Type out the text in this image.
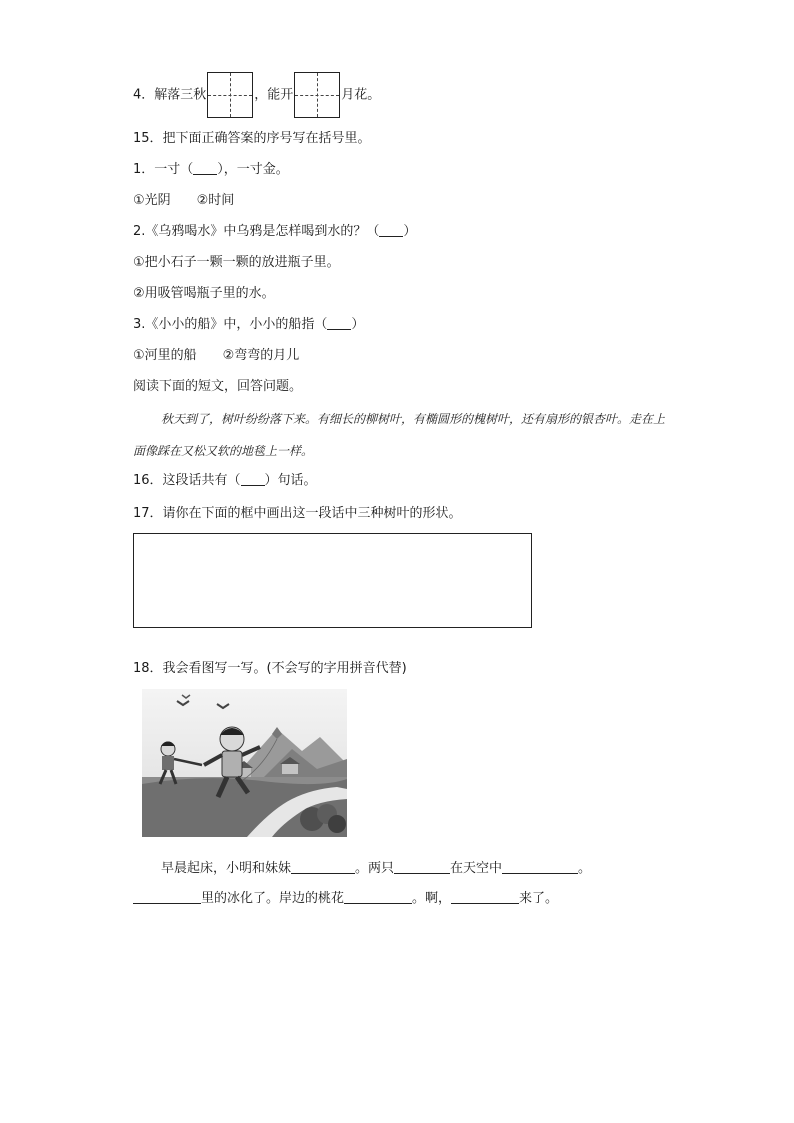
4．解落三秋	，能开	月花。
15．把下面正确答案的序号写在括号里。
1．一寸（ ），一寸金。
①光阴 ②时间
2.《乌鸦喝水》中乌鸦是怎样喝到水的？（ ）
①把小石子一颗一颗的放进瓶子里。
②用吸管喝瓶子里的水。
3.《小小的船》中，小小的船指（ ）
①河里的船 ②弯弯的月儿
阅读下面的短文，回答问题。
秋天到了，树叶纷纷落下来。有细长的柳树叶，有椭圆形的槐树叶，还有扇形的银杏叶。走在上面像踩在又松又软的地毯上一样。
16．这段话共有（ ）句话。
17．请你在下面的框中画出这一段话中三种树叶的形状。
18．我会看图写一写。(不会写的字用拼音代替)
早晨起床，小明和妹妹	。两只	在天空中	。
里的冰化了。岸边的桃花	。啊，	来了。
